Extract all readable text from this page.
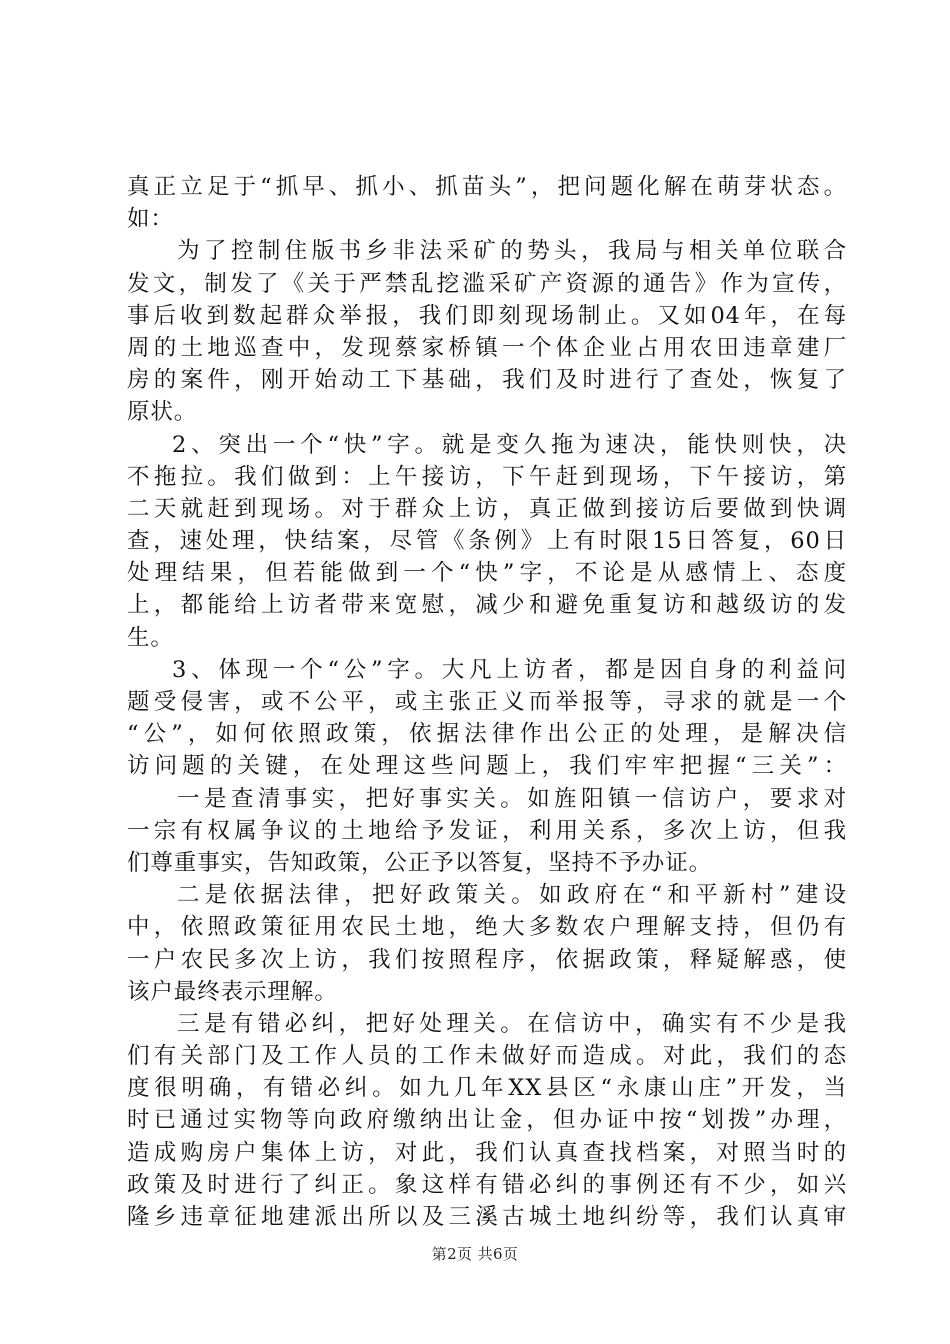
真正立足于“抓早、抓小、抓苗头”，把问题化解在萌芽状态。
如：
为了控制住版书乡非法采矿的势头，我局与相关单位联合
发文，制发了《关于严禁乱挖滥采矿产资源的通告》作为宣传，
事后收到数起群众举报，我们即刻现场制止。又如04年，在每
周的土地巡查中，发现蔡家桥镇一个体企业占用农田违章建厂
房的案件，刚开始动工下基础，我们及时进行了查处，恢复了
原状。
2、突出一个“快”字。就是变久拖为速决，能快则快，决
不拖拉。我们做到：上午接访，下午赶到现场，下午接访，第
二天就赶到现场。对于群众上访，真正做到接访后要做到快调
查，速处理，快结案，尽管《条例》上有时限15日答复，60日
处理结果，但若能做到一个“快”字，不论是从感情上、态度
上，都能给上访者带来宽慰，减少和避免重复访和越级访的发
生。
3、体现一个“公”字。大凡上访者，都是因自身的利益问
题受侵害，或不公平，或主张正义而举报等，寻求的就是一个
“公”，如何依照政策，依据法律作出公正的处理，是解决信
访问题的关键，在处理这些问题上，我们牢牢把握“三关”：
一是查清事实，把好事实关。如旌阳镇一信访户，要求对
一宗有权属争议的土地给予发证，利用关系，多次上访，但我
们尊重事实，告知政策，公正予以答复，坚持不予办证。
二是依据法律，把好政策关。如政府在“和平新村”建设
中，依照政策征用农民土地，绝大多数农户理解支持，但仍有
一户农民多次上访，我们按照程序，依据政策，释疑解惑，使
该户最终表示理解。
三是有错必纠，把好处理关。在信访中，确实有不少是我
们有关部门及工作人员的工作未做好而造成。对此，我们的态
度很明确，有错必纠。如九几年XX县区“永康山庄”开发，当
时已通过实物等向政府缴纳出让金，但办证中按“划拨”办理，
造成购房户集体上访，对此，我们认真查找档案，对照当时的
政策及时进行了纠正。象这样有错必纠的事例还有不少，如兴
隆乡违章征地建派出所以及三溪古城土地纠纷等，我们认真审
第2页 共6页
